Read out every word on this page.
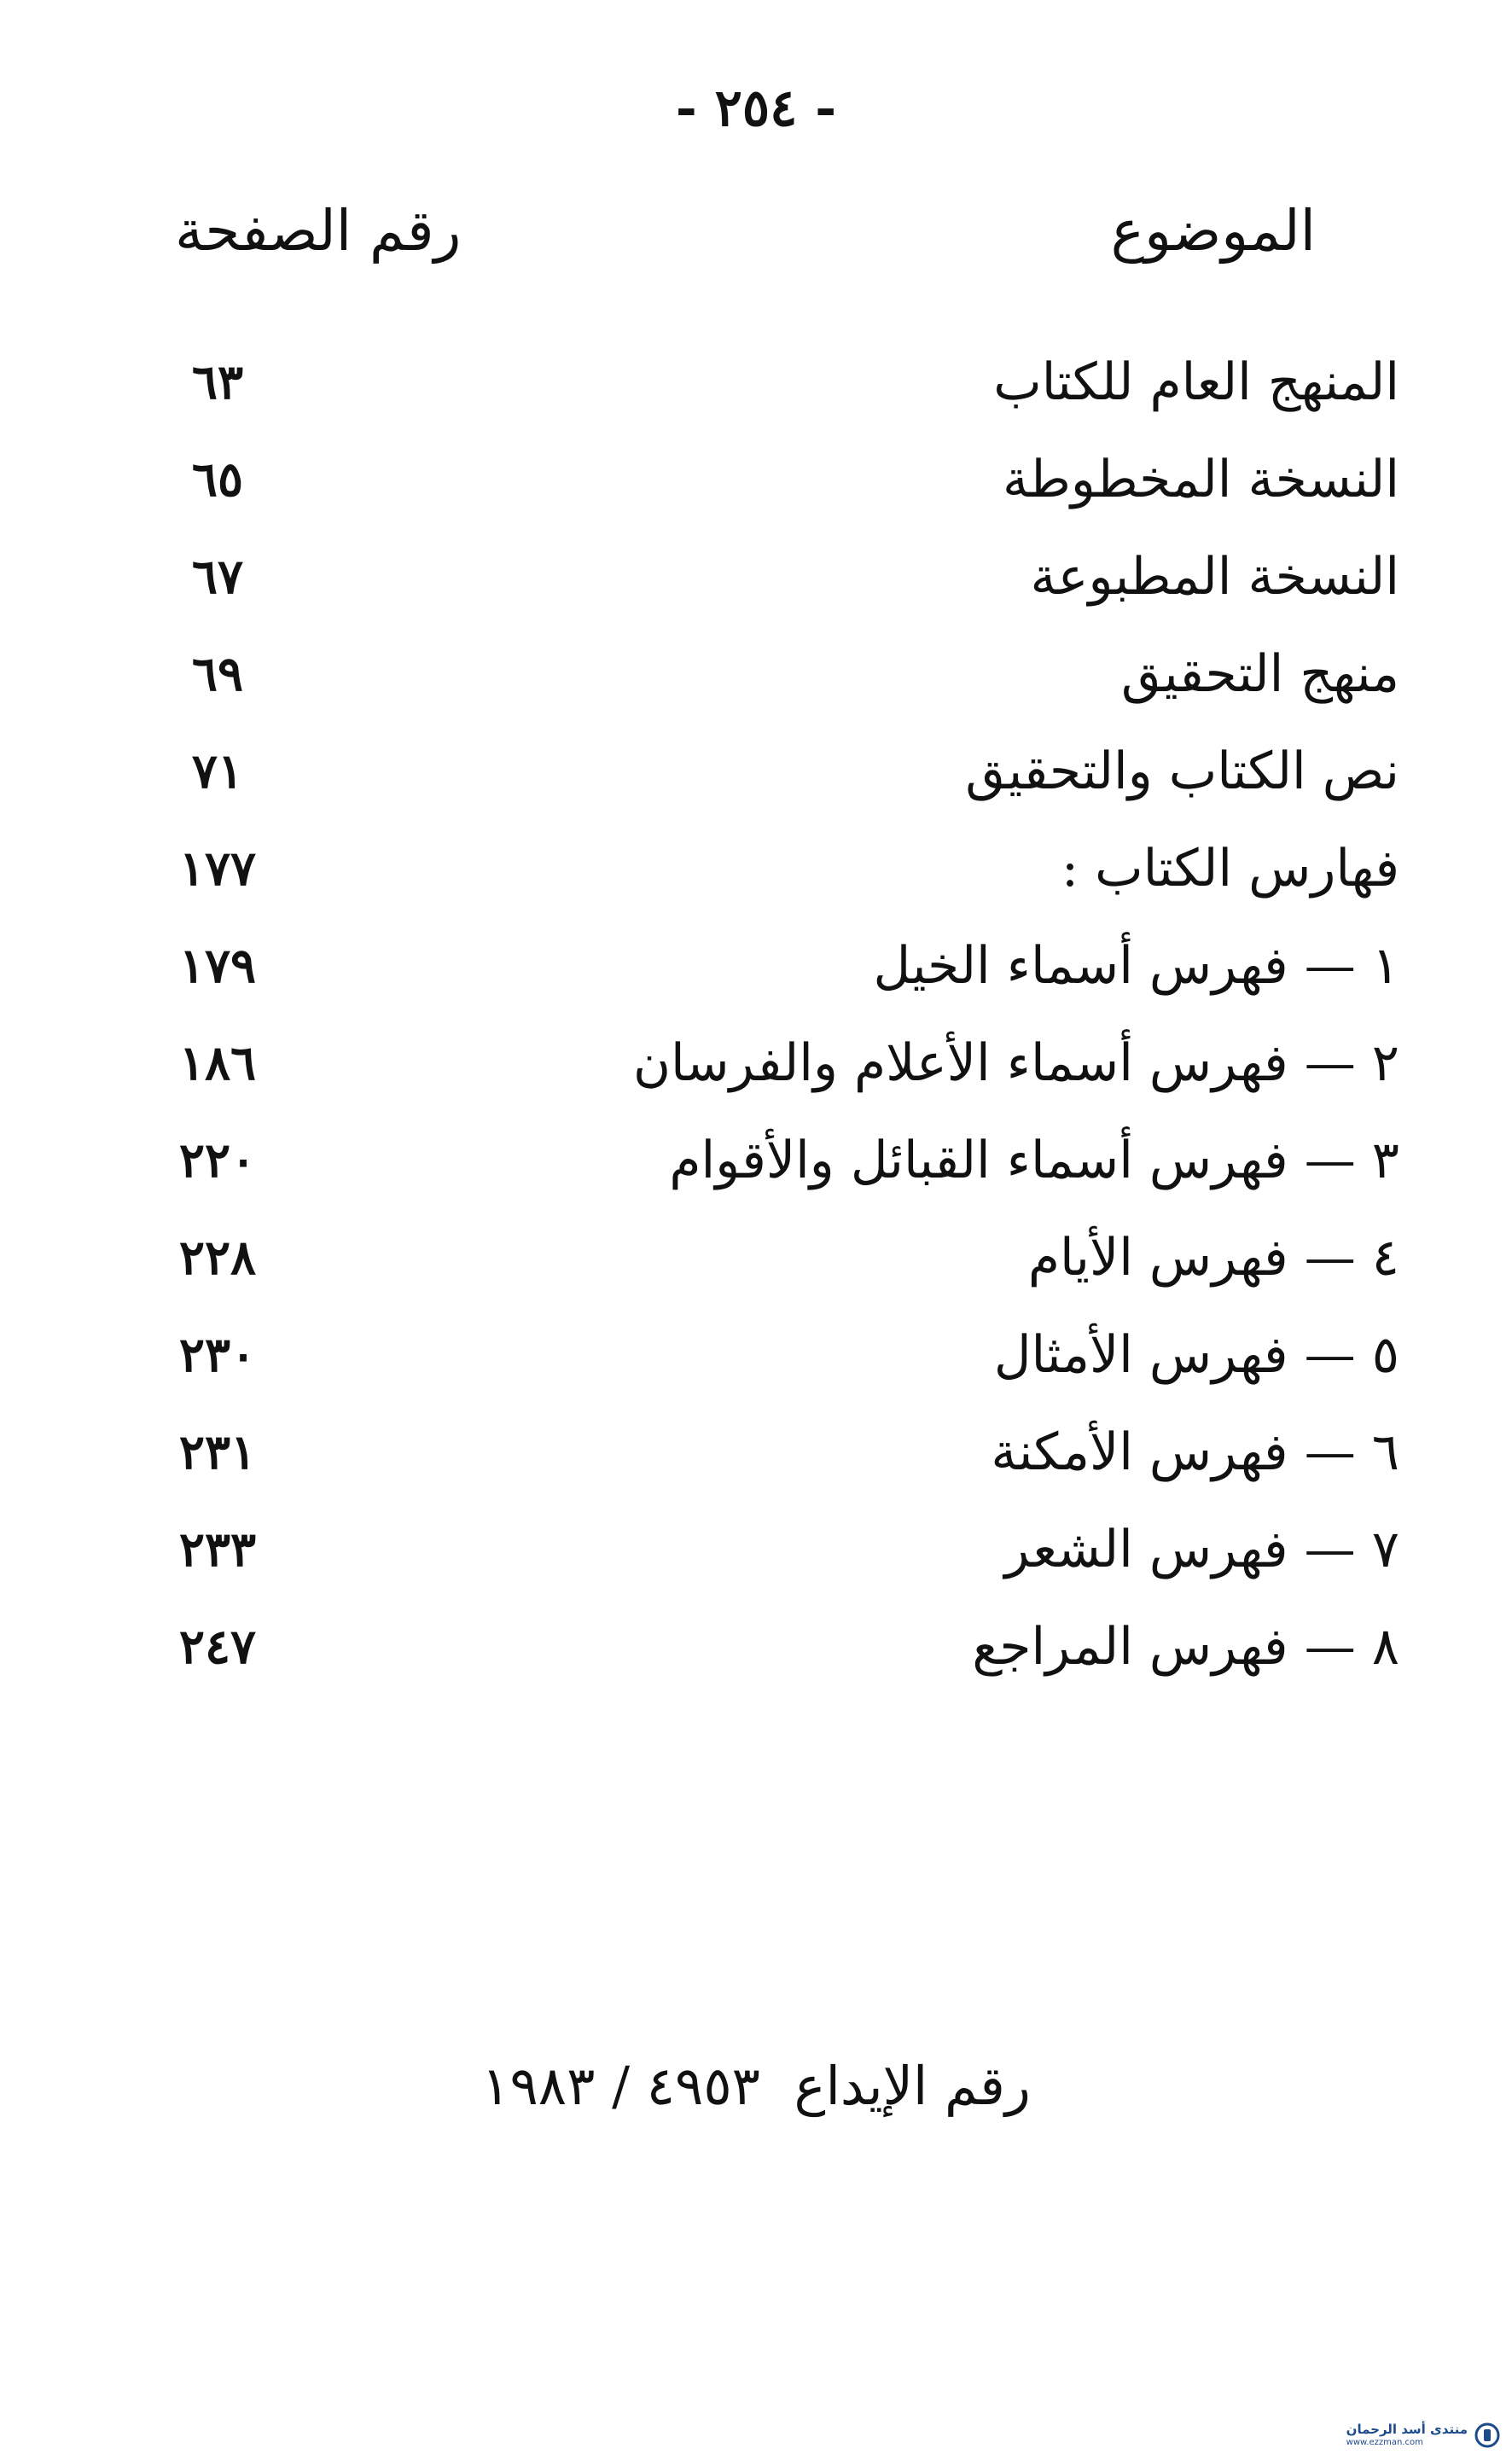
- ٢٥٤ -
الموضوع
رقم الصفحة
المنهج العام للكتاب
٦٣
النسخة المخطوطة
٦٥
النسخة المطبوعة
٦٧
منهج التحقيق
٦٩
نص الكتاب والتحقيق
٧١
فهارس الكتاب :
١٧٧
١ — فهرس أسماء الخيل
١٧٩
٢ — فهرس أسماء الأعلام والفرسان
١٨٦
٣ — فهرس أسماء القبائل والأقوام
٢٢٠
٤ — فهرس الأيام
٢٢٨
٥ — فهرس الأمثال
٢٣٠
٦ — فهرس الأمكنة
٢٣١
٧ — فهرس الشعر
٢٣٣
٨ — فهرس المراجع
٢٤٧
رقم الإيداع ٤٩٥٣ / ١٩٨٣
منتدى أسد الرحمان
www.ezzman.com
